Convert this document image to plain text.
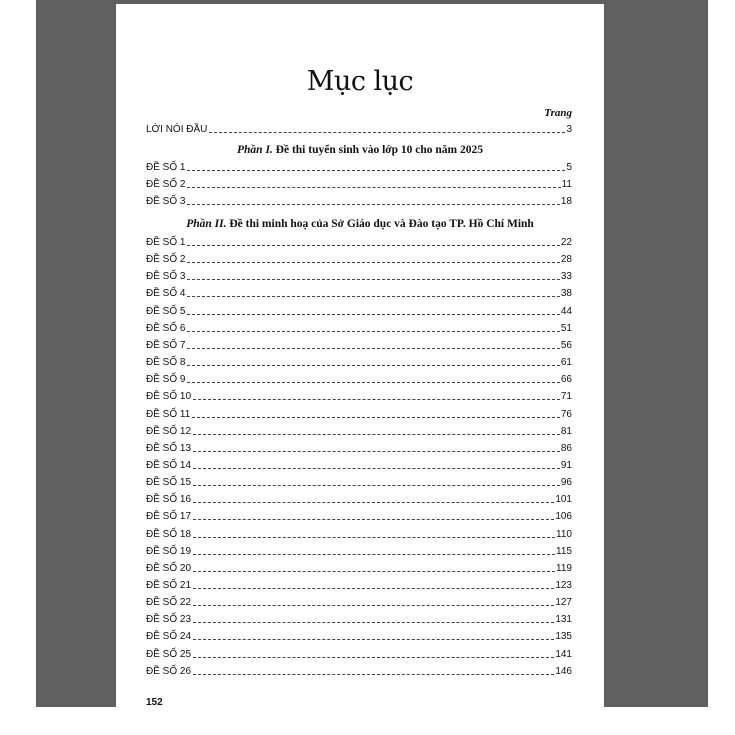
Mục lục
Trang
LỜI NÓI ĐẦU	3
Phần I. Đề thi tuyển sinh vào lớp 10 cho năm 2025
Phần II. Đề thi minh hoạ của Sở Giáo dục và Đào tạo TP. Hồ Chí Minh
152
ĐỀ SỐ 1	5
ĐỀ SỐ 2	11
ĐỀ SỐ 3	18
ĐỀ SỐ 1	22
ĐỀ SỐ 2	28
ĐỀ SỐ 3	33
ĐỀ SỐ 4	38
ĐỀ SỐ 5	44
ĐỀ SỐ 6	51
ĐỀ SỐ 7	56
ĐỀ SỐ 8	61
ĐỀ SỐ 9	66
ĐỀ SỐ 10	71
ĐỀ SỐ 11	76
ĐỀ SỐ 12	81
ĐỀ SỐ 13	86
ĐỀ SỐ 14	91
ĐỀ SỐ 15	96
ĐỀ SỐ 16	101
ĐỀ SỐ 17	106
ĐỀ SỐ 18	110
ĐỀ SỐ 19	115
ĐỀ SỐ 20	119
ĐỀ SỐ 21	123
ĐỀ SỐ 22	127
ĐỀ SỐ 23	131
ĐỀ SỐ 24	135
ĐỀ SỐ 25	141
ĐỀ SỐ 26	146
